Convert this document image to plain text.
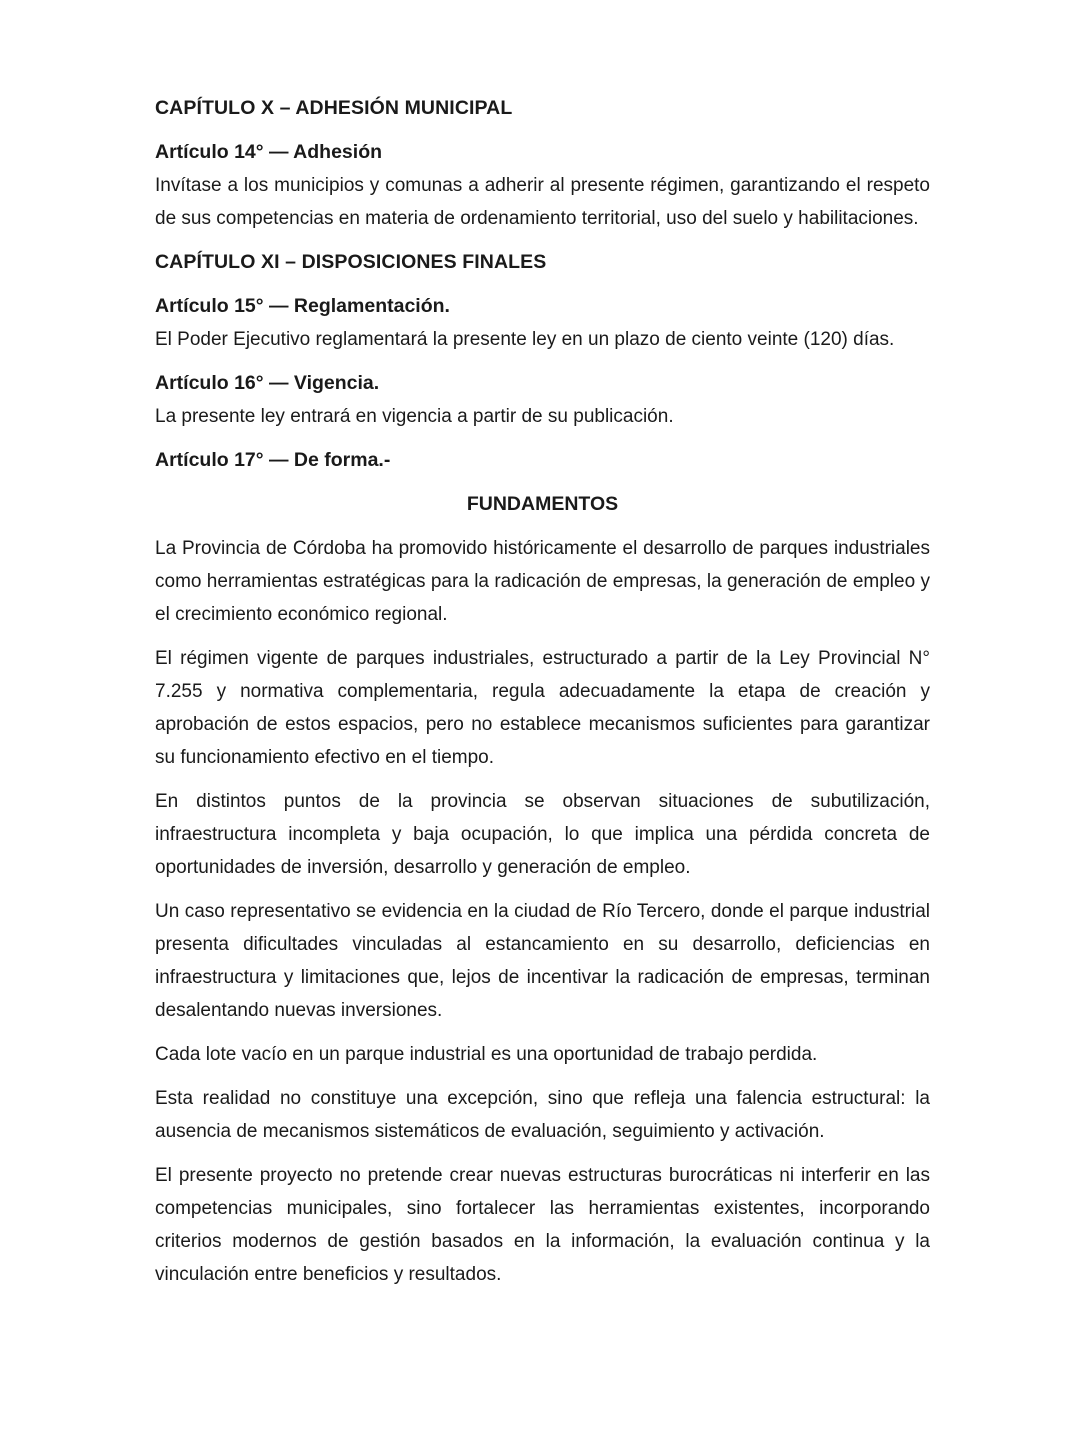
CAPÍTULO X – ADHESIÓN MUNICIPAL
Artículo 14° — Adhesión

Invítase a los municipios y comunas a adherir al presente régimen, garantizando el respeto de sus competencias en materia de ordenamiento territorial, uso del suelo y habilitaciones.

CAPÍTULO XI – DISPOSICIONES FINALES
Artículo 15° — Reglamentación.

El Poder Ejecutivo reglamentará la presente ley en un plazo de ciento veinte (120) días.

Artículo 16° — Vigencia.

La presente ley entrará en vigencia a partir de su publicación.

Artículo 17° — De forma.-
FUNDAMENTOS

La Provincia de Córdoba ha promovido históricamente el desarrollo de parques industriales como herramientas estratégicas para la radicación de empresas, la generación de empleo y el crecimiento económico regional.

El régimen vigente de parques industriales, estructurado a partir de la Ley Provincial N° 7.255 y normativa complementaria, regula adecuadamente la etapa de creación y aprobación de estos espacios, pero no establece mecanismos suficientes para garantizar su funcionamiento efectivo en el tiempo.

En distintos puntos de la provincia se observan situaciones de subutilización, infraestructura incompleta y baja ocupación, lo que implica una pérdida concreta de oportunidades de inversión, desarrollo y generación de empleo.

Un caso representativo se evidencia en la ciudad de Río Tercero, donde el parque industrial presenta dificultades vinculadas al estancamiento en su desarrollo, deficiencias en infraestructura y limitaciones que, lejos de incentivar la radicación de empresas, terminan desalentando nuevas inversiones.

Cada lote vacío en un parque industrial es una oportunidad de trabajo perdida.

Esta realidad no constituye una excepción, sino que refleja una falencia estructural: la ausencia de mecanismos sistemáticos de evaluación, seguimiento y activación.

El presente proyecto no pretende crear nuevas estructuras burocráticas ni interferir en las competencias municipales, sino fortalecer las herramientas existentes, incorporando criterios modernos de gestión basados en la información, la evaluación continua y la vinculación entre beneficios y resultados.
